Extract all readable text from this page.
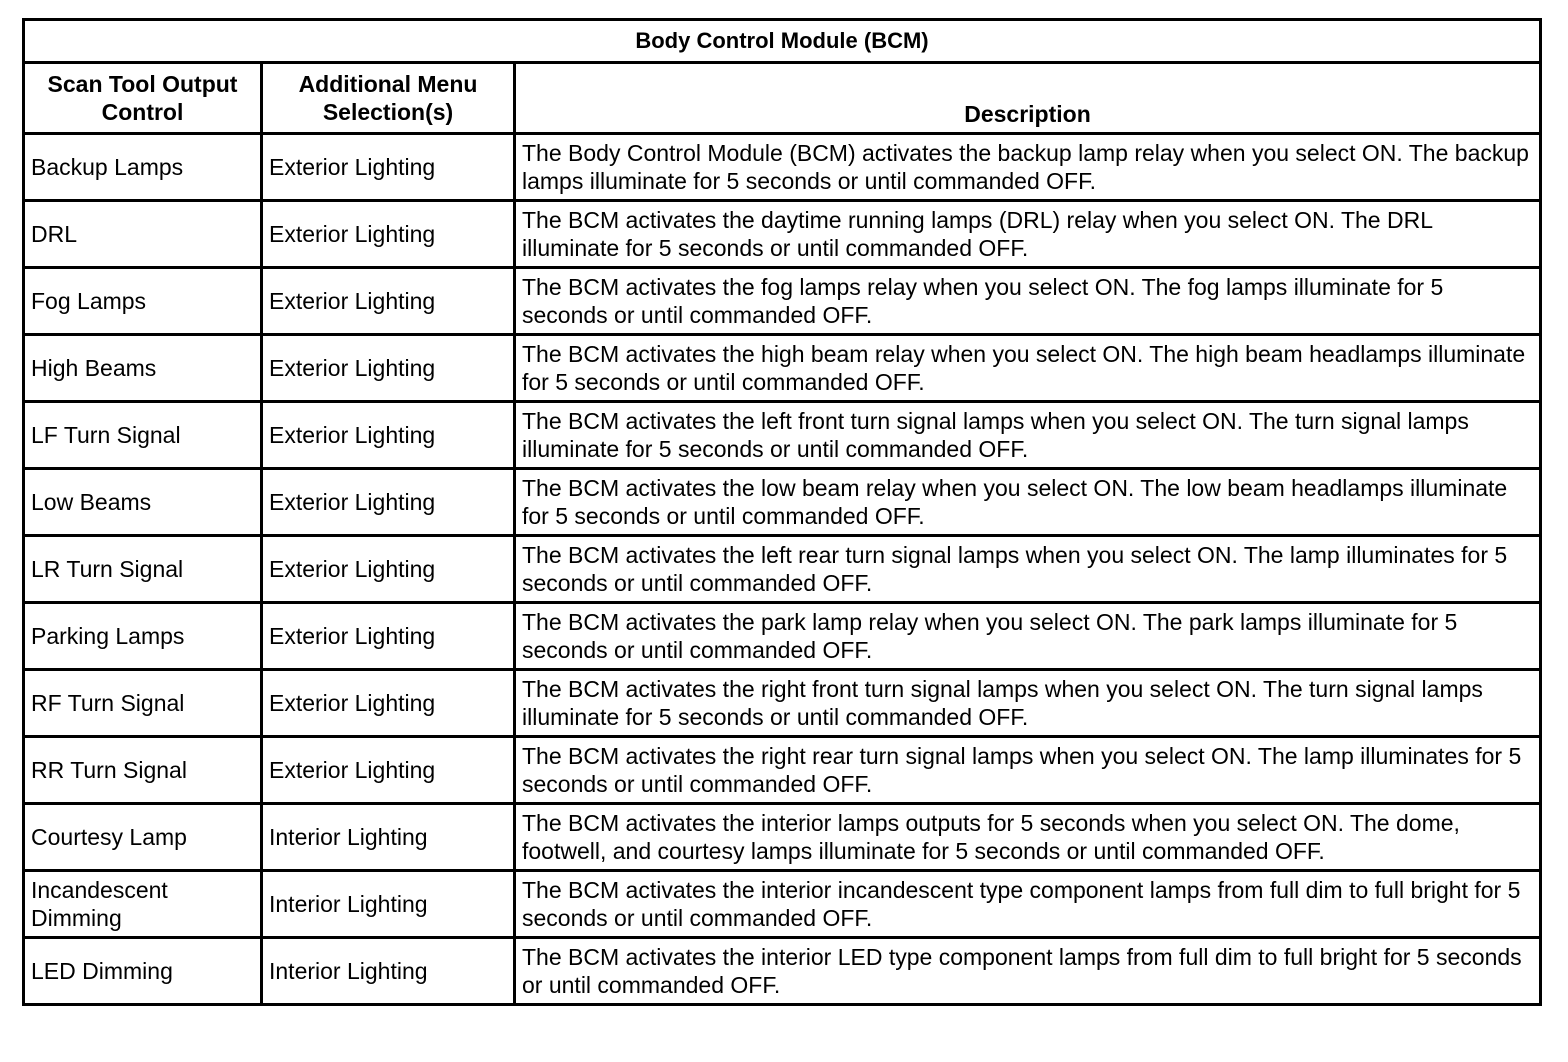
Body Control Module (BCM)		
Scan Tool Output Control	Additional Menu Selection(s)	Description
Backup Lamps	Exterior Lighting	The Body Control Module (BCM) activates the backup lamp relay when you select ON. The backup lamps illuminate for 5 seconds or until commanded OFF.
DRL	Exterior Lighting	The BCM activates the daytime running lamps (DRL) relay when you select ON. The DRL illuminate for 5 seconds or until commanded OFF.
Fog Lamps	Exterior Lighting	The BCM activates the fog lamps relay when you select ON. The fog lamps illuminate for 5 seconds or until commanded OFF.
High Beams	Exterior Lighting	The BCM activates the high beam relay when you select ON. The high beam headlamps illuminate for 5 seconds or until commanded OFF.
LF Turn Signal	Exterior Lighting	The BCM activates the left front turn signal lamps when you select ON. The turn signal lamps illuminate for 5 seconds or until commanded OFF.
Low Beams	Exterior Lighting	The BCM activates the low beam relay when you select ON. The low beam headlamps illuminate for 5 seconds or until commanded OFF.
LR Turn Signal	Exterior Lighting	The BCM activates the left rear turn signal lamps when you select ON. The lamp illuminates for 5 seconds or until commanded OFF.
Parking Lamps	Exterior Lighting	The BCM activates the park lamp relay when you select ON. The park lamps illuminate for 5 seconds or until commanded OFF.
RF Turn Signal	Exterior Lighting	The BCM activates the right front turn signal lamps when you select ON. The turn signal lamps illuminate for 5 seconds or until commanded OFF.
RR Turn Signal	Exterior Lighting	The BCM activates the right rear turn signal lamps when you select ON. The lamp illuminates for 5 seconds or until commanded OFF.
Courtesy Lamp	Interior Lighting	The BCM activates the interior lamps outputs for 5 seconds when you select ON. The dome, footwell, and courtesy lamps illuminate for 5 seconds or until commanded OFF.
Incandescent Dimming	Interior Lighting	The BCM activates the interior incandescent type component lamps from full dim to full bright for 5 seconds or until commanded OFF.
LED Dimming	Interior Lighting	The BCM activates the interior LED type component lamps from full dim to full bright for 5 seconds or until commanded OFF.
